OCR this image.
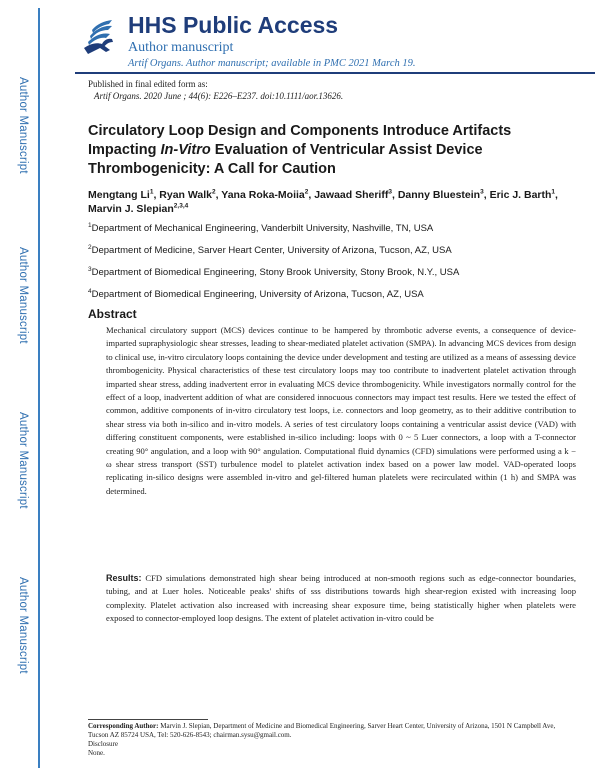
Author Manuscript
Author Manuscript
Author Manuscript
Author Manuscript
HHS Public Access
Author manuscript
Artif Organs. Author manuscript; available in PMC 2021 March 19.
Published in final edited form as:
Artif Organs. 2020 June ; 44(6): E226–E237. doi:10.1111/aor.13626.
Circulatory Loop Design and Components Introduce Artifacts Impacting In-Vitro Evaluation of Ventricular Assist Device Thrombogenicity: A Call for Caution
Mengtang Li$^1$, Ryan Walk$^2$, Yana Roka-Moiia$^2$, Jawaad Sheriff$^3$, Danny Bluestein$^3$, Eric J. Barth$^1$, Marvin J. Slepian$^{2,3,4}$
$^1$Department of Mechanical Engineering, Vanderbilt University, Nashville, TN, USA
$^2$Department of Medicine, Sarver Heart Center, University of Arizona, Tucson, AZ, USA
$^3$Department of Biomedical Engineering, Stony Brook University, Stony Brook, N.Y., USA
$^4$Department of Biomedical Engineering, University of Arizona, Tucson, AZ, USA
Abstract
Mechanical circulatory support (MCS) devices continue to be hampered by thrombotic adverse events, a consequence of device-imparted supraphysiologic shear stresses, leading to shear-mediated platelet activation (SMPA). In advancing MCS devices from design to clinical use, in-vitro circulatory loops containing the device under development and testing are utilized as a means of assessing device thrombogenicity. Physical characteristics of these test circulatory loops may too contribute to inadvertent platelet activation through imparted shear stress, adding inadvertent error in evaluating MCS device thrombogenicity. While investigators normally control for the effect of a loop, inadvertent addition of what are considered innocuous connectors may impact test results. Here we tested the effect of common, additive components of in-vitro circulatory test loops, i.e. connectors and loop geometry, as to their additive contribution to shear stress via both in-silico and in-vitro models. A series of test circulatory loops containing a ventricular assist device (VAD) with differing constituent components, were established in-silico including: loops with 0 ~ 5 Luer connectors, a loop with a T-connector creating 90° angulation, and a loop with 90° angulation. Computational fluid dynamics (CFD) simulations were performed using a k − ω shear stress transport (SST) turbulence model to platelet activation index based on a power law model. VAD-operated loops replicating in-silico designs were assembled in-vitro and gel-filtered human platelets were recirculated within (1 h) and SMPA was determined.
Results: CFD simulations demonstrated high shear being introduced at non-smooth regions such as edge-connector boundaries, tubing, and at Luer holes. Noticeable peaks' shifts of sss distributions towards high shear-region existed with increasing loop complexity. Platelet activation also increased with increasing shear exposure time, being statistically higher when platelets were exposed to connector-employed loop designs. The extent of platelet activation in-vitro could be
Corresponding Author: Marvin J. Slepian, Department of Medicine and Biomedical Engineering, Sarver Heart Center, University of Arizona, 1501 N Campbell Ave, Tucson AZ 85724 USA, Tel: 520-626-8543; chairman.sysu@gmail.com.
Disclosure
None.
